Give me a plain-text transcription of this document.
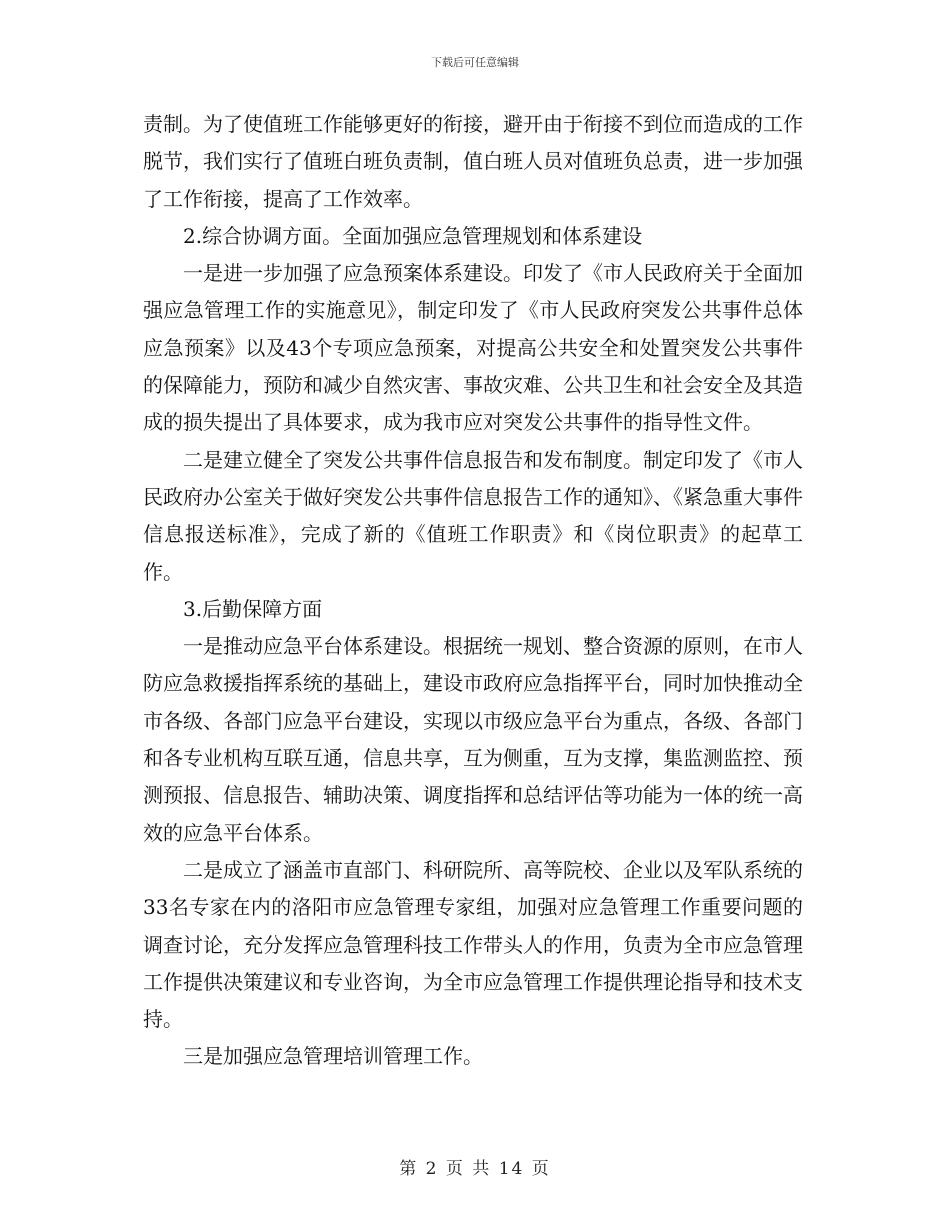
下载后可任意编辑

责制。为了使值班工作能够更好的衔接，避开由于衔接不到位而造成的工作脱节，我们实行了值班白班负责制，值白班人员对值班负总责，进一步加强了工作衔接，提高了工作效率。

2.综合协调方面。全面加强应急管理规划和体系建设

一是进一步加强了应急预案体系建设。印发了《市人民政府关于全面加强应急管理工作的实施意见》，制定印发了《市人民政府突发公共事件总体应急预案》以及43个专项应急预案，对提高公共安全和处置突发公共事件的保障能力，预防和减少自然灾害、事故灾难、公共卫生和社会安全及其造成的损失提出了具体要求，成为我市应对突发公共事件的指导性文件。

二是建立健全了突发公共事件信息报告和发布制度。制定印发了《市人民政府办公室关于做好突发公共事件信息报告工作的通知》、《紧急重大事件信息报送标准》，完成了新的《值班工作职责》和《岗位职责》的起草工作。

3.后勤保障方面

一是推动应急平台体系建设。根据统一规划、整合资源的原则，在市人防应急救援指挥系统的基础上，建设市政府应急指挥平台，同时加快推动全市各级、各部门应急平台建设，实现以市级应急平台为重点，各级、各部门和各专业机构互联互通，信息共享，互为侧重，互为支撑，集监测监控、预测预报、信息报告、辅助决策、调度指挥和总结评估等功能为一体的统一高效的应急平台体系。

二是成立了涵盖市直部门、科研院所、高等院校、企业以及军队系统的33名专家在内的洛阳市应急管理专家组，加强对应急管理工作重要问题的调查讨论，充分发挥应急管理科技工作带头人的作用，负责为全市应急管理工作提供决策建议和专业咨询，为全市应急管理工作提供理论指导和技术支持。

三是加强应急管理培训管理工作。

第 2 页 共 14 页
